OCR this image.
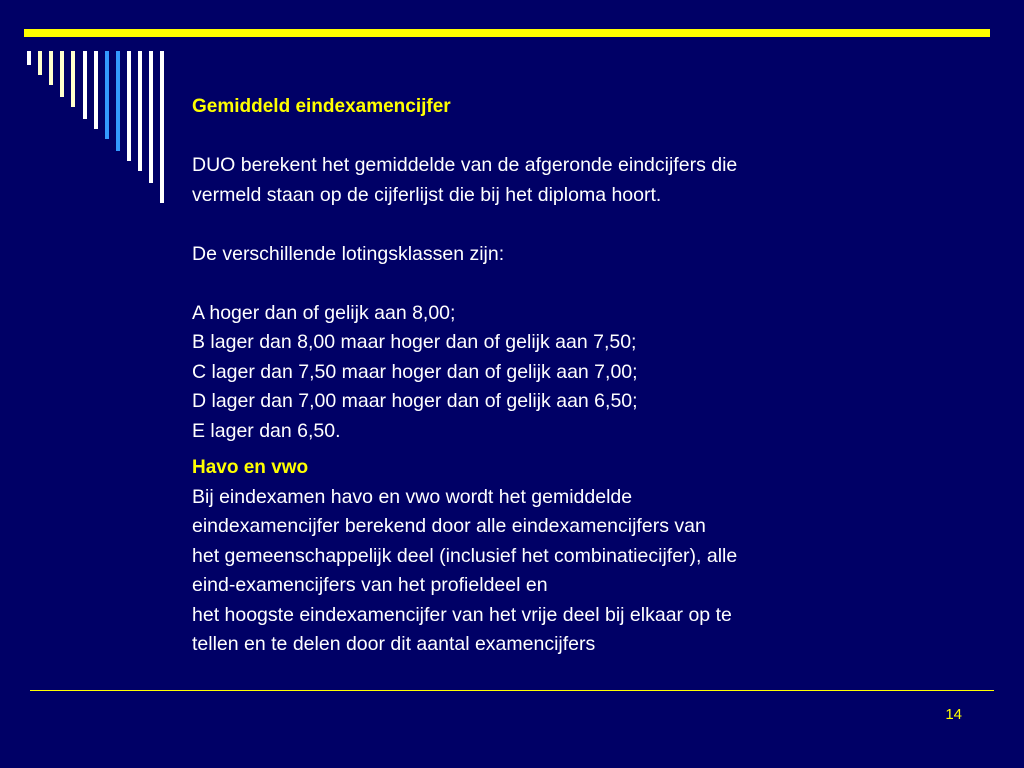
Gemiddeld eindexamencijfer
DUO berekent het gemiddelde van de afgeronde eindcijfers die
vermeld staan op de cijferlijst die bij het diploma hoort.
De verschillende lotingsklassen zijn:
A hoger dan of gelijk aan 8,00;
B lager dan 8,00 maar hoger dan of gelijk aan 7,50;
C lager dan 7,50 maar hoger dan of gelijk aan 7,00;
D lager dan 7,00 maar hoger dan of gelijk aan 6,50;
E lager dan 6,50.
Havo en vwo
Bij eindexamen havo en vwo wordt het gemiddelde
eindexamencijfer berekend door alle eindexamencijfers van
het gemeenschappelijk deel (inclusief het combinatiecijfer), alle
eind-examencijfers van het profieldeel en
het hoogste eindexamencijfer van het vrije deel bij elkaar op te
tellen en te delen door dit aantal examencijfers
14
